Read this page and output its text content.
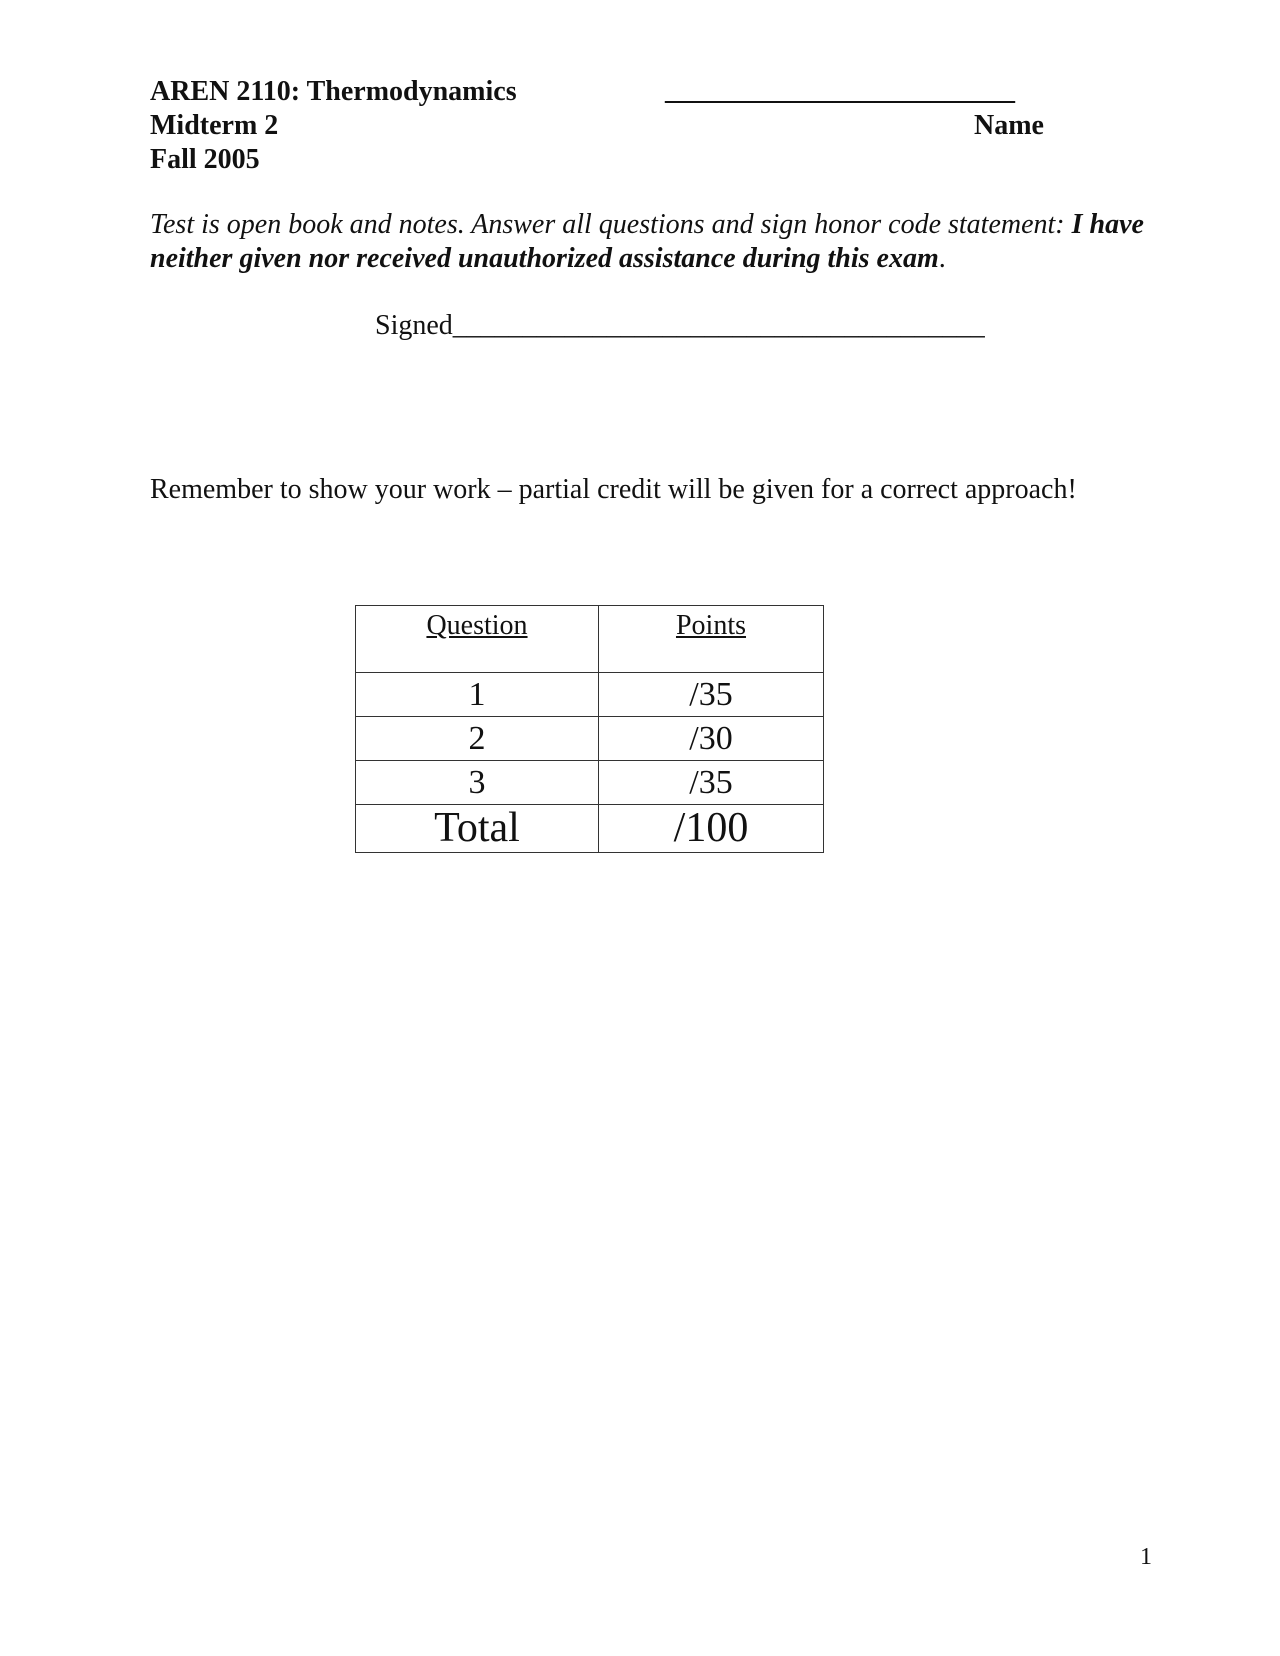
AREN 2110: Thermodynamics
Midterm 2
Fall 2005
_________________________
Name
Test is open book and notes. Answer all questions and sign honor code statement: I have neither given nor received unauthorized assistance during this exam.
Signed______________________________________
Remember to show your work – partial credit will be given for a correct approach!
Question	Points
1	/35
2	/30
3	/35
Total	/100
1
